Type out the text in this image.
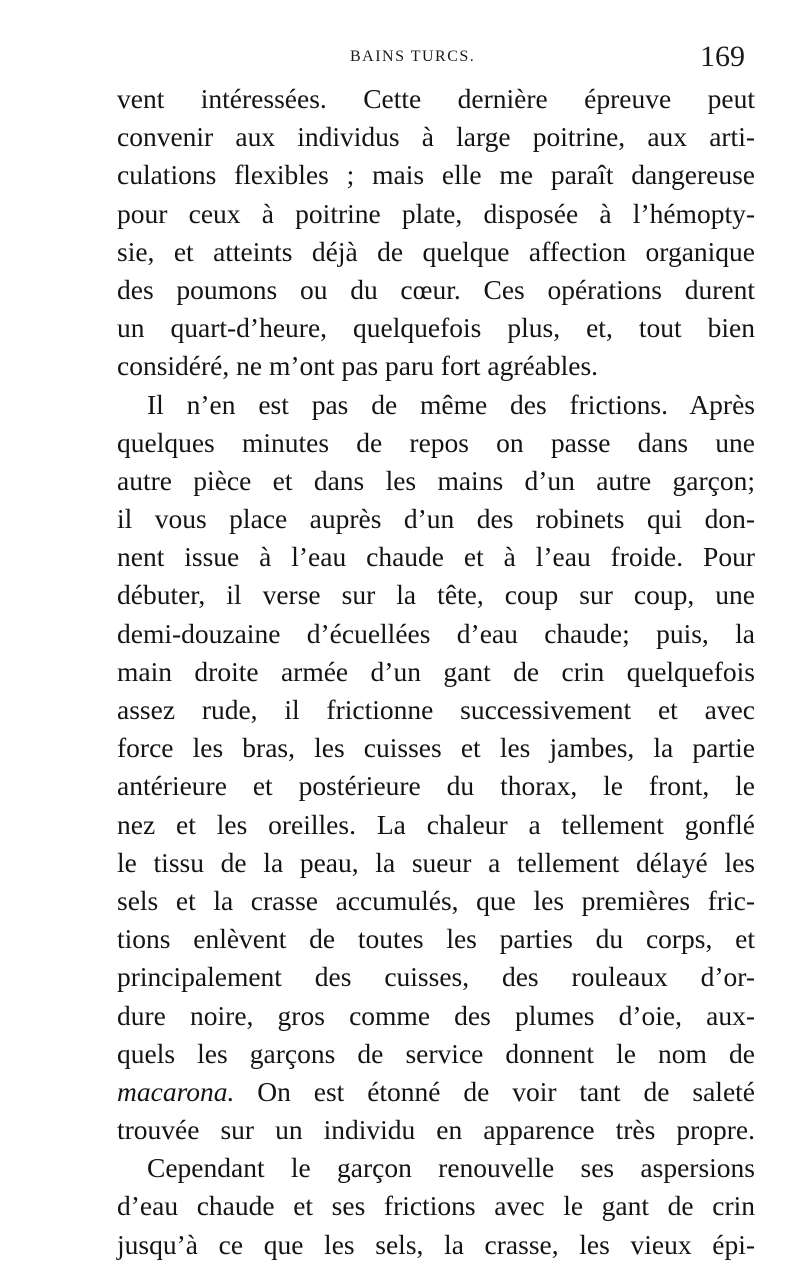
BAINS TURCS.	169
vent intéressées. Cette dernière épreuve peut
convenir aux individus à large poitrine, aux arti-
culations flexibles ; mais elle me paraît dangereuse
pour ceux à poitrine plate, disposée à l’hémopty-
sie, et atteints déjà de quelque affection organique
des poumons ou du cœur. Ces opérations durent
un quart-d’heure, quelquefois plus, et, tout bien
considéré, ne m’ont pas paru fort agréables.
Il n’en est pas de même des frictions. Après
quelques minutes de repos on passe dans une
autre pièce et dans les mains d’un autre garçon;
il vous place auprès d’un des robinets qui don-
nent issue à l’eau chaude et à l’eau froide. Pour
débuter, il verse sur la tête, coup sur coup, une
demi-douzaine d’écuellées d’eau chaude; puis, la
main droite armée d’un gant de crin quelquefois
assez rude, il frictionne successivement et avec
force les bras, les cuisses et les jambes, la partie
antérieure et postérieure du thorax, le front, le
nez et les oreilles. La chaleur a tellement gonflé
le tissu de la peau, la sueur a tellement délayé les
sels et la crasse accumulés, que les premières fric-
tions enlèvent de toutes les parties du corps, et
principalement des cuisses, des rouleaux d’or-
dure noire, gros comme des plumes d’oie, aux-
quels les garçons de service donnent le nom de
macarona. On est étonné de voir tant de saleté
trouvée sur un individu en apparence très propre.
Cependant le garçon renouvelle ses aspersions
d’eau chaude et ses frictions avec le gant de crin
jusqu’à ce que les sels, la crasse, les vieux épi-
